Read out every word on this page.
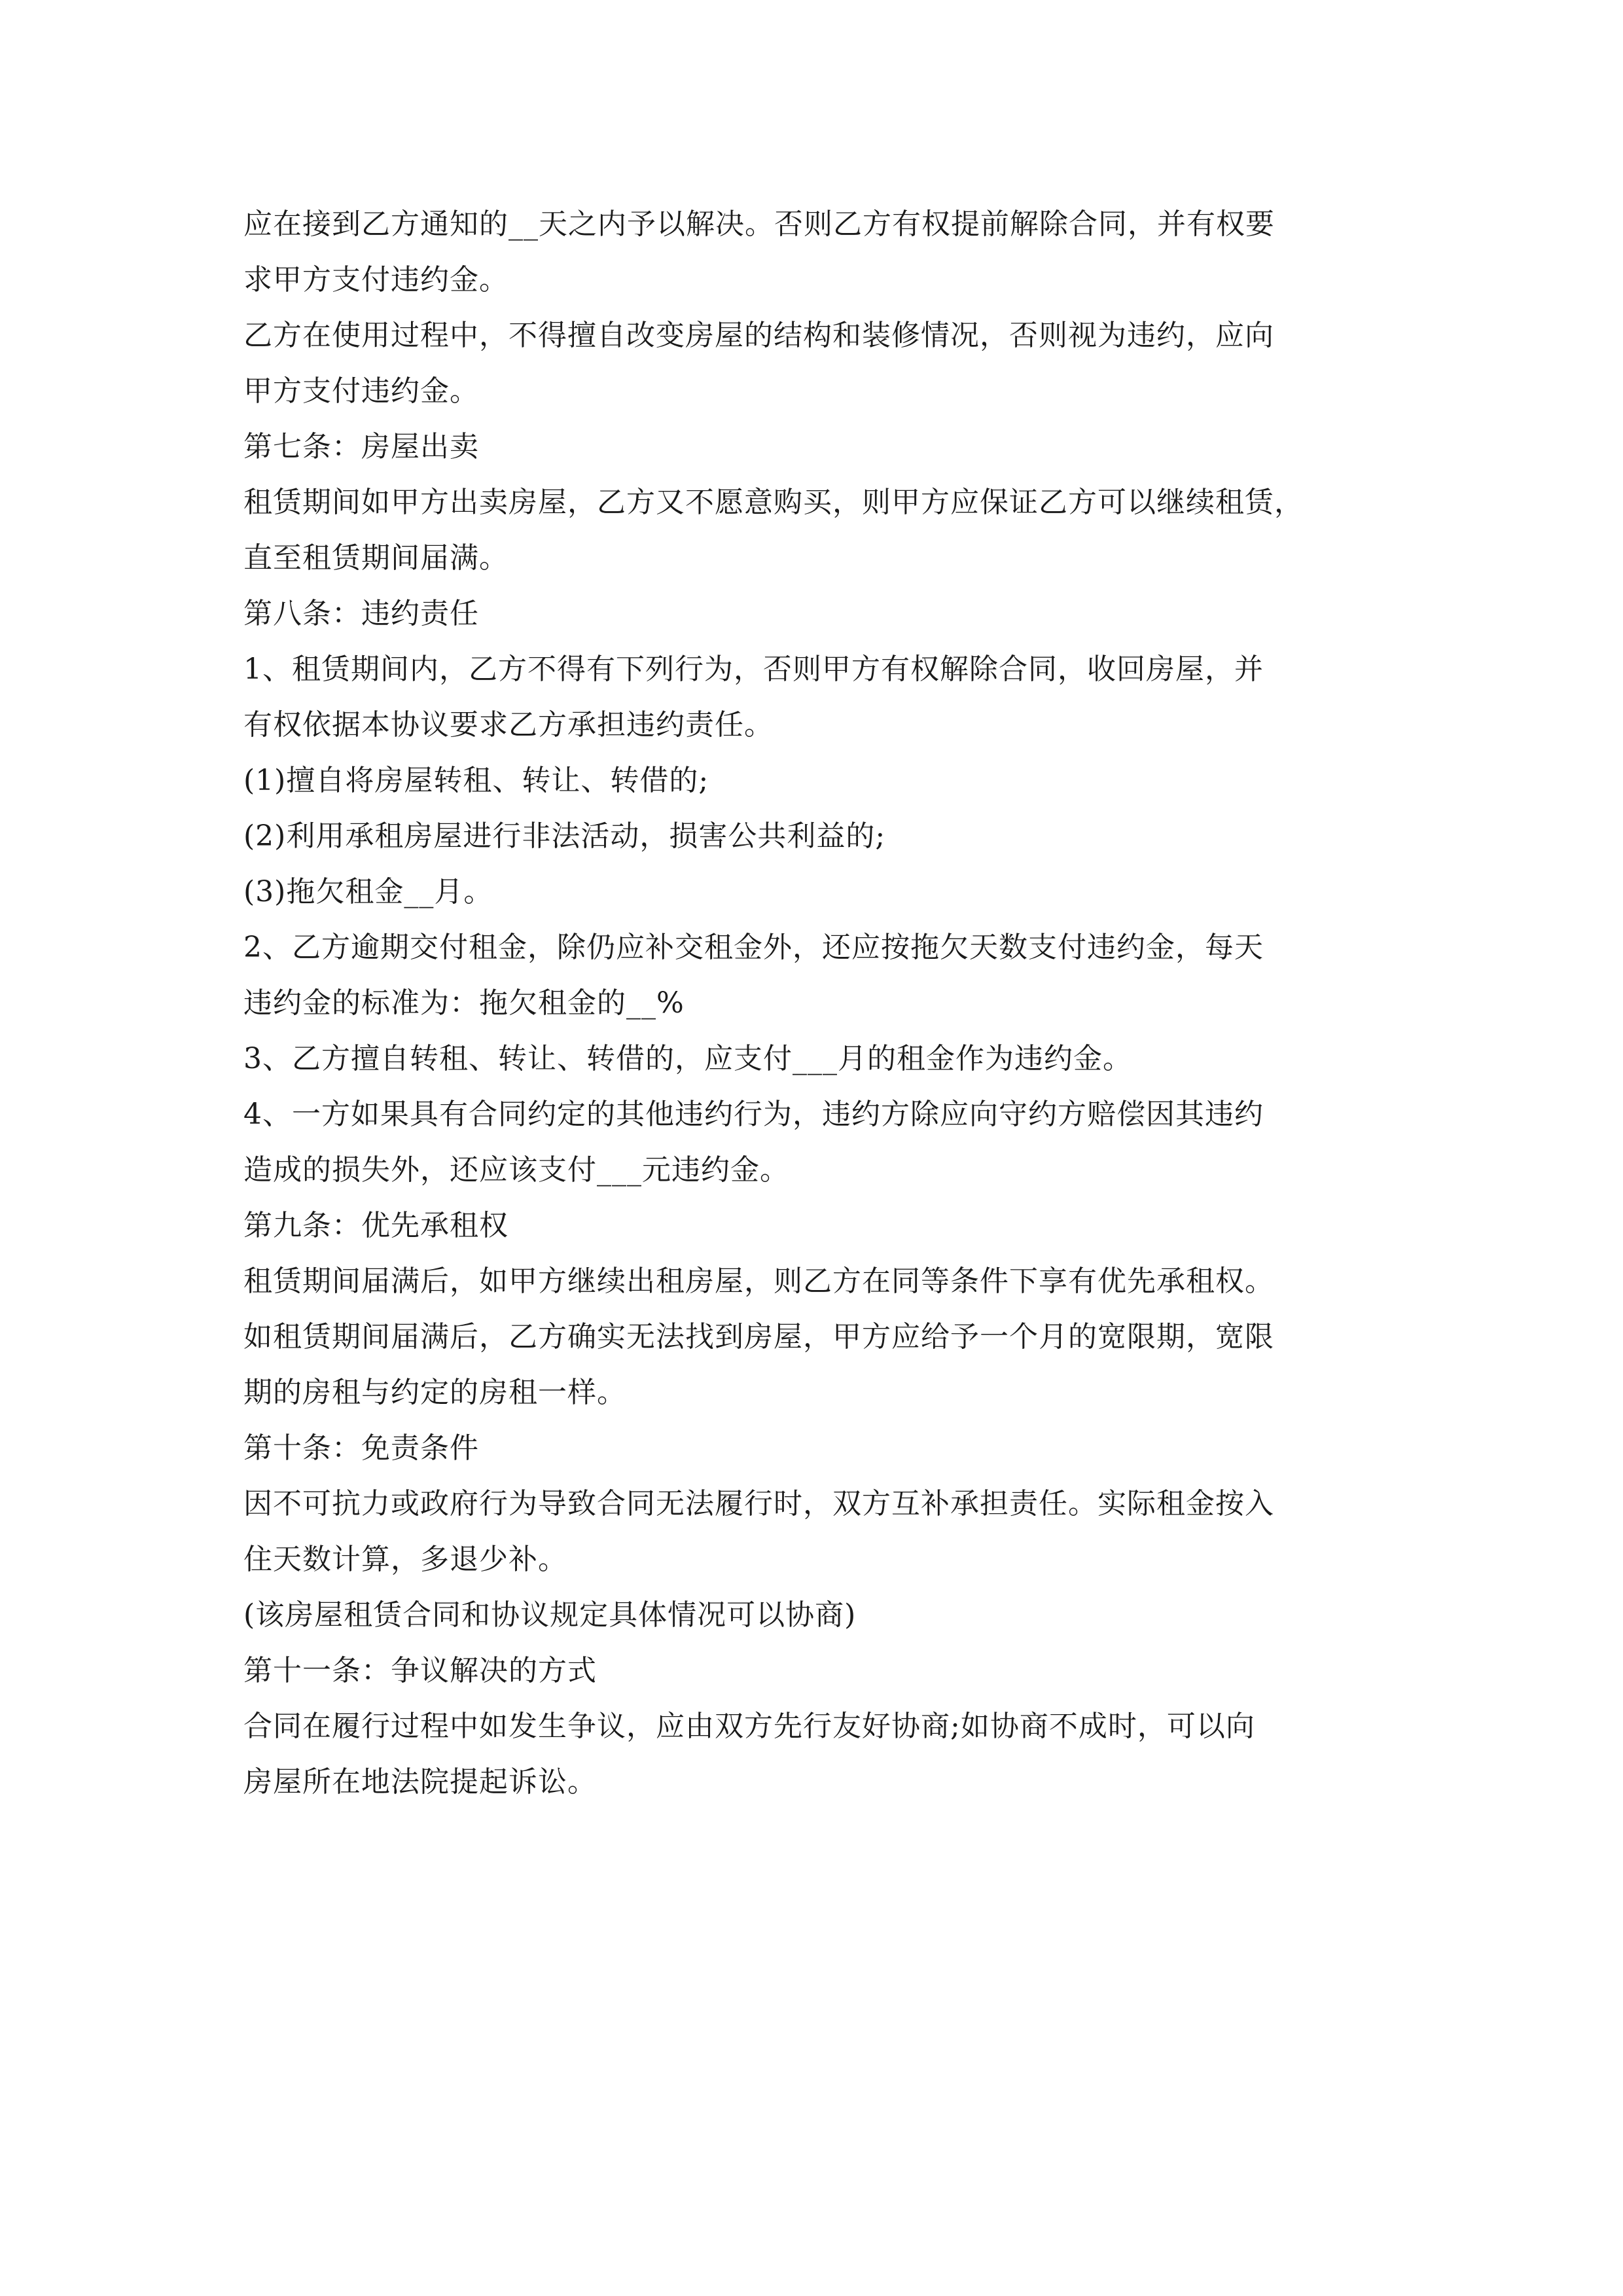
应在接到乙方通知的__天之内予以解决。否则乙方有权提前解除合同，并有权要
求甲方支付违约金。
乙方在使用过程中，不得擅自改变房屋的结构和装修情况，否则视为违约，应向
甲方支付违约金。
第七条：房屋出卖
租赁期间如甲方出卖房屋，乙方又不愿意购买，则甲方应保证乙方可以继续租赁，
直至租赁期间届满。
第八条：违约责任
1、租赁期间内，乙方不得有下列行为，否则甲方有权解除合同，收回房屋，并
有权依据本协议要求乙方承担违约责任。
(1)擅自将房屋转租、转让、转借的;
(2)利用承租房屋进行非法活动，损害公共利益的;
(3)拖欠租金__月。
2、乙方逾期交付租金，除仍应补交租金外，还应按拖欠天数支付违约金，每天
违约金的标准为：拖欠租金的__%
3、乙方擅自转租、转让、转借的，应支付___月的租金作为违约金。
4、一方如果具有合同约定的其他违约行为，违约方除应向守约方赔偿因其违约
造成的损失外，还应该支付___元违约金。
第九条：优先承租权
租赁期间届满后，如甲方继续出租房屋，则乙方在同等条件下享有优先承租权。
如租赁期间届满后，乙方确实无法找到房屋，甲方应给予一个月的宽限期，宽限
期的房租与约定的房租一样。
第十条：免责条件
因不可抗力或政府行为导致合同无法履行时，双方互补承担责任。实际租金按入
住天数计算，多退少补。
(该房屋租赁合同和协议规定具体情况可以协商)
第十一条：争议解决的方式
合同在履行过程中如发生争议，应由双方先行友好协商;如协商不成时，可以向
房屋所在地法院提起诉讼。
